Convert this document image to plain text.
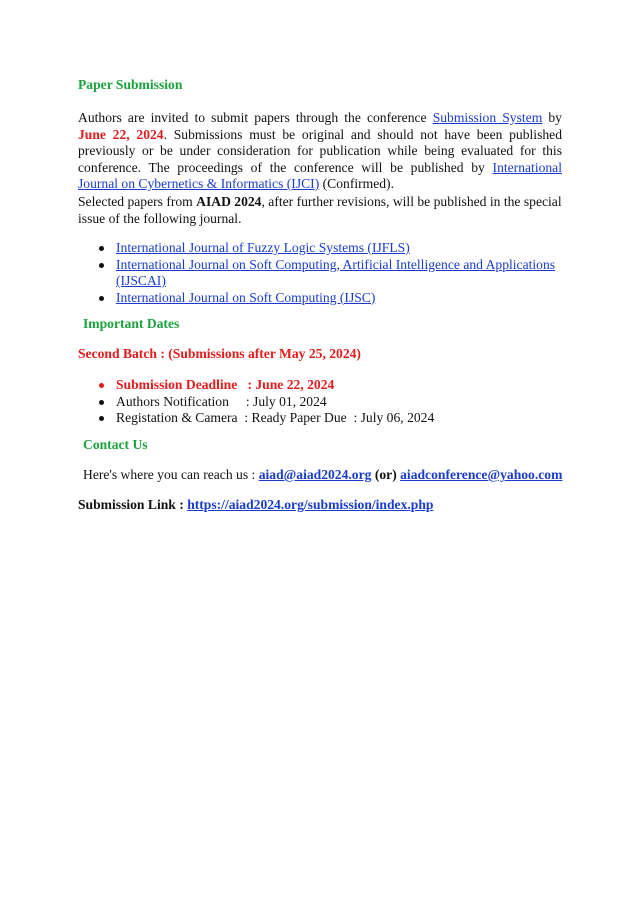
Paper Submission

Authors are invited to submit papers through the conference Submission System by June 22, 2024. Submissions must be original and should not have been published previously or be under consideration for publication while being evaluated for this conference. The proceedings of the conference will be published by International Journal on Cybernetics & Informatics (IJCI) (Confirmed).

Selected papers from AIAD 2024, after further revisions, will be published in the special issue of the following journal.

International Journal of Fuzzy Logic Systems (IJFLS)
International Journal on Soft Computing, Artificial Intelligence and Applications (IJSCAI)
International Journal on Soft Computing (IJSC)
Important Dates

Second Batch : (Submissions after May 25, 2024)

Submission Deadline   : June 22, 2024
Authors Notification     : July 01, 2024
Registation & Camera  : Ready Paper Due  : July 06, 2024
Contact Us

Here's where you can reach us : aiad@aiad2024.org (or) aiadconference@yahoo.com

Submission Link : https://aiad2024.org/submission/index.php
